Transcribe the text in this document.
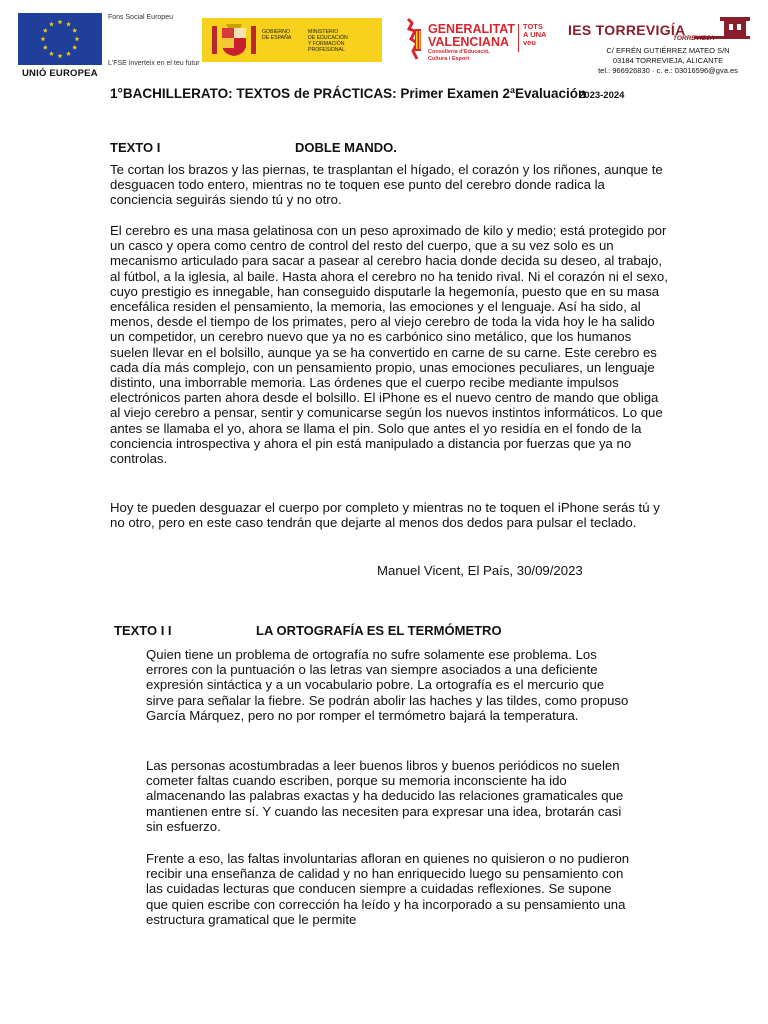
UNIÓ EUROPEA
Fons Social Europeu
L'FSE inverteix en el teu futur
GOBIERNO
DE ESPAÑA
MINISTERIO
DE EDUCACIÓN
Y FORMACIÓN PROFESIONAL
GENERALITAT
VALENCIANA
TOTS
A UNA
veu
Conselleria d'Educació,
Cultura i Esport
IES TORREVIGÍA
TORREVIEJA
C/ EFRÉN GUTIÉRREZ MATEO S/N
03184 TORREVIEJA, ALICANTE
tel.: 966926830 · c. e.: 03016596@gva.es
1°BACHILLERATO: TEXTOS de PRÁCTICAS: Primer Examen 2ªEvaluación
2023-2024
TEXTO I	DOBLE MANDO.
Te cortan los brazos y las piernas, te trasplantan el hígado, el corazón y los riñones, aunque te desguacen todo entero, mientras no te toquen ese punto del cerebro donde radica la conciencia seguirás siendo tú y no otro.
El cerebro es una masa gelatinosa con un peso aproximado de kilo y medio; está protegido por un casco y opera como centro de control del resto del cuerpo, que a su vez solo es un mecanismo articulado para sacar a pasear al cerebro hacia donde decida su deseo, al trabajo, al fútbol, a la iglesia, al baile. Hasta ahora el cerebro no ha tenido rival. Ni el corazón ni el sexo, cuyo prestigio es innegable, han conseguido disputarle la hegemonía, puesto que en su masa encefálica residen el pensamiento, la memoria, las emociones y el lenguaje. Así ha sido, al menos, desde el tiempo de los primates, pero al viejo cerebro de toda la vida hoy le ha salido un competidor, un cerebro nuevo que ya no es carbónico sino metálico, que los humanos suelen llevar en el bolsillo, aunque ya se ha convertido en carne de su carne. Este cerebro es cada día más complejo, con un pensamiento propio, unas emociones peculiares, un lenguaje distinto, una imborrable memoria. Las órdenes que el cuerpo recibe mediante impulsos electrónicos parten ahora desde el bolsillo. El iPhone es el nuevo centro de mando que obliga al viejo cerebro a pensar, sentir y comunicarse según los nuevos instintos informáticos. Lo que antes se llamaba el yo, ahora se llama el pin. Solo que antes el yo residía en el fondo de la conciencia introspectiva y ahora el pin está manipulado a distancia por fuerzas que ya no controlas.
Hoy te pueden desguazar el cuerpo por completo y mientras no te toquen el iPhone serás tú y no otro, pero en este caso tendrán que dejarte al menos dos dedos para pulsar el teclado.
Manuel Vicent, El País, 30/09/2023
TEXTO I I	LA ORTOGRAFÍA ES EL TERMÓMETRO
Quien tiene un problema de ortografía no sufre solamente ese problema. Los errores con la puntuación o las letras van siempre asociados a una deficiente expresión sintáctica y a un vocabulario pobre. La ortografía es el mercurio que sirve para señalar la fiebre. Se podrán abolir las haches y las tildes, como propuso García Márquez, pero no por romper el termómetro bajará la temperatura.
Las personas acostumbradas a leer buenos libros y buenos periódicos no suelen cometer faltas cuando escriben, porque su memoria inconsciente ha ido almacenando las palabras exactas y ha deducido las relaciones gramaticales que mantienen entre sí. Y cuando las necesiten para expresar una idea, brotarán casi sin esfuerzo.
Frente a eso, las faltas involuntarias afloran en quienes no quisieron o no pudieron recibir una enseñanza de calidad y no han enriquecido luego su pensamiento con las cuidadas lecturas que conducen siempre a cuidadas reflexiones. Se supone que quien escribe con corrección ha leído y ha incorporado a su pensamiento una estructura gramatical que le permite
